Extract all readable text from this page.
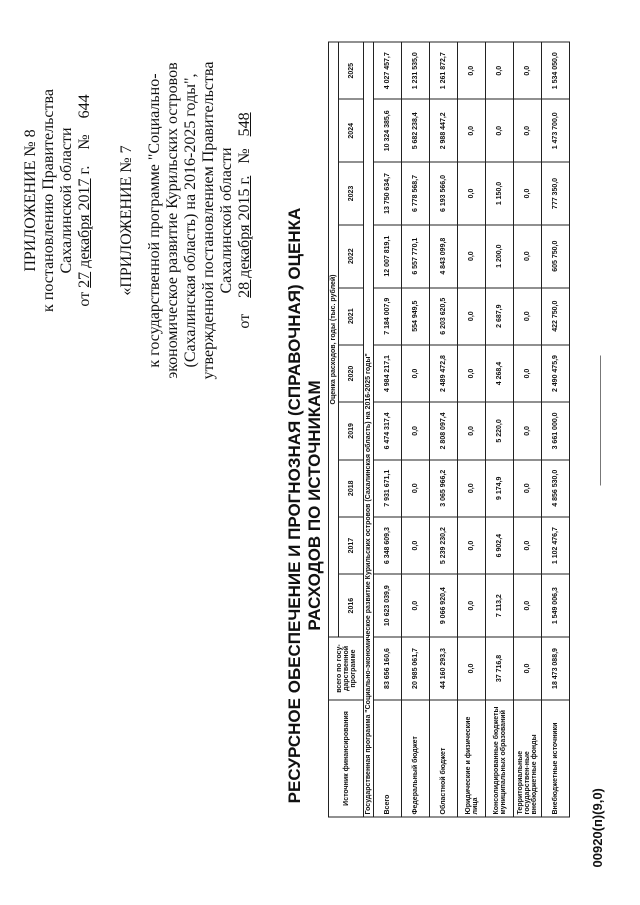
ПРИЛОЖЕНИЕ № 8 к постановлению Правительства Сахалинской области
от 27 декабря 2017 г.    №    644
«ПРИЛОЖЕНИЕ № 7 к государственной программе "Социально- экономическое развитие Курильских островов (Сахалинская область) на 2016-2025 годы", утвержденной постановлением Правительства Сахалинской области
от    28 декабря 2015 г.   №   548
РЕСУРСНОЕ ОБЕСПЕЧЕНИЕ И ПРОГНОЗНАЯ (СПРАВОЧНАЯ) ОЦЕНКА РАСХОДОВ ПО ИСТОЧНИКАМ
Источник финансирования	всего по госу-дарственной программе	Оценка расходов, годы (тыс. рублей)									
		2016	2017	2018	2019	2020	2021	2022	2023	2024	2025
Государственная программа "Социально-экономическое развитие Курильских островов (Сахалинская область) на 2016-2025 годы"											
Всего	83 656 160,6	10 623 039,9	6 348 609,3	7 931 671,1	6 474 317,4	4 984 217,1	7 184 007,9	12 007 819,1	13 750 634,7	10 324 385,6	4 027 457,7
Федеральный бюджет	20 985 061,7	0,0	0,0	0,0	0,0	0,0	554 949,5	6 557 770,1	6 778 568,7	5 682 238,4	1 231 535,0
Областной бюджет	44 160 293,3	9 066 920,4	5 239 230,2	3 065 966,2	2 808 097,4	2 489 472,8	6 203 620,5	4 843 099,8	6 193 566,0	2 988 447,2	1 261 872,7
Юридические и физические лица	0,0	0,0	0,0	0,0	0,0	0,0	0,0	0,0	0,0	0,0	0,0
Консолидированные бюджеты муниципальных образований	37 716,8	7 113,2	6 902,4	9 174,9	5 220,0	4 268,4	2 687,9	1 200,0	1 150,0	0,0	0,0
Территориальные государствен-ные внебюджетные фонды	0,0	0,0	0,0	0,0	0,0	0,0	0,0	0,0	0,0	0,0	0,0
Внебюджетные источники	18 473 088,9	1 549 006,3	1 102 476,7	4 856 530,0	3 661 000,0	2 490 475,9	422 750,0	605 750,0	777 350,0	1 473 700,0	1 534 050,0
00920(п)(9,0)
